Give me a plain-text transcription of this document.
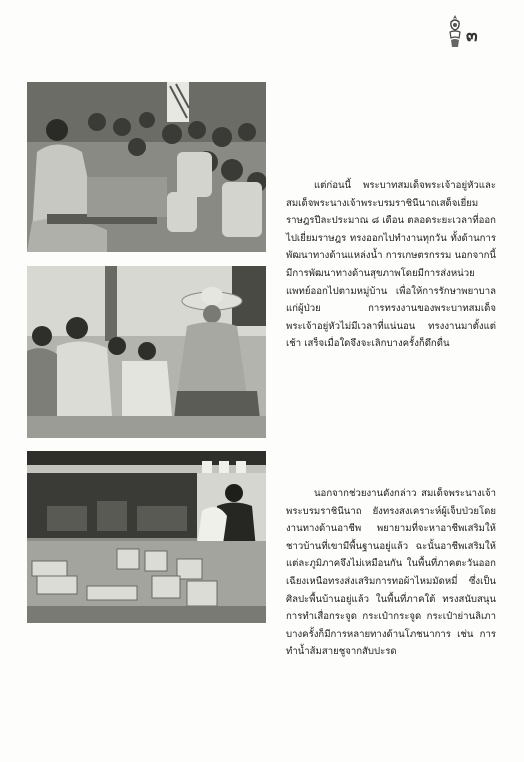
๓

แต่ก่อนนี้ พระบาทสมเด็จพระเจ้าอยู่หัวและสมเด็จพระนางเจ้าพระบรมราชินีนาถเสด็จเยี่ยมราษฎรปีละประมาณ ๘ เดือน ตลอดระยะเวลาที่ออกไปเยี่ยมราษฎร ทรงออกไปทำงานทุกวัน ทั้งด้านการพัฒนาทางด้านแหล่งน้ำ การเกษตรกรรม นอกจากนี้มีการพัฒนาทางด้านสุขภาพโดยมีการส่งหน่วยแพทย์ออกไปตามหมู่บ้าน เพื่อให้การรักษาพยาบาลแก่ผู้ป่วย การทรงงานของพระบาทสมเด็จพระเจ้าอยู่หัวไม่มีเวลาที่แน่นอน ทรงงานมาตั้งแต่เช้า เสร็จเมื่อใดจึงจะเลิกบางครั้งก็ดึกดื่น

นอกจากช่วยงานดังกล่าว สมเด็จพระนางเจ้าพระบรมราชินีนาถ ยังทรงสงเคราะห์ผู้เจ็บป่วยโดยงานทางด้านอาชีพ พยายามที่จะหาอาชีพเสริมให้ชาวบ้านที่เขามีพื้นฐานอยู่แล้ว ฉะนั้นอาชีพเสริมให้แต่ละภูมิภาคจึงไม่เหมือนกัน ในพื้นที่ภาคตะวันออกเฉียงเหนือทรงส่งเสริมการทอผ้าไหมมัดหมี่ ซึ่งเป็นศิลปะพื้นบ้านอยู่แล้ว ในพื้นที่ภาคใต้ ทรงสนับสนุนการทำเสื่อกระจูด กระเป๋ากระจูด กระเป๋าย่านลิเภา บางครั้งก็มีการหลายทางด้านโภชนาการ เช่น การทำน้ำส้มสายชูจากสับปะรด
